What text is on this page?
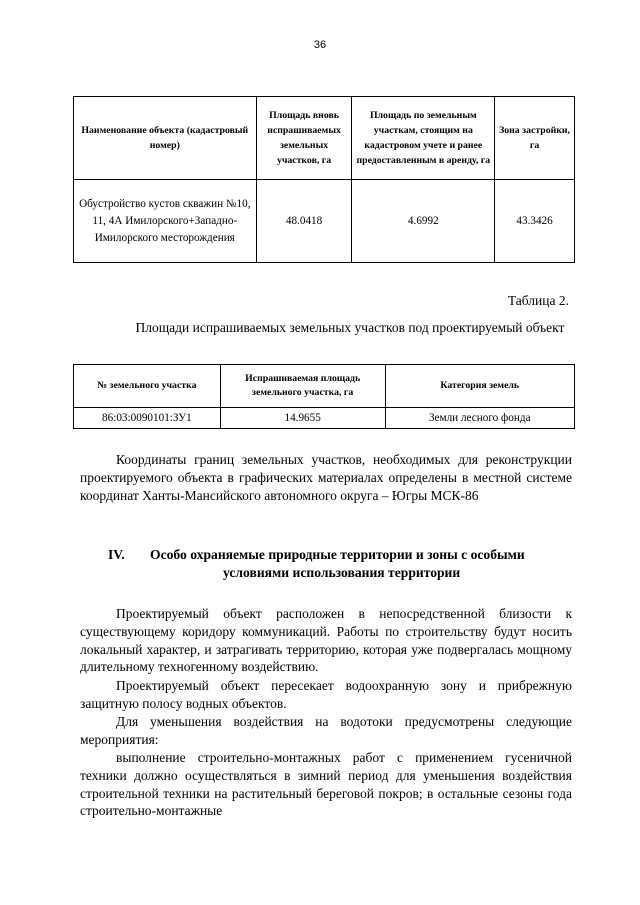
36
Наименование объекта (кадастровый номер)	Площадь вновь испрашиваемых земельных участков, га	Площадь по земельным участкам, стоящим на кадастровом учете и ранее предоставленным в аренду, га	Зона застройки, га
Обустройство кустов скважин №10, 11, 4А Имилорского+Западно-Имилорского месторождения	48.0418	4.6992	43.3426
Таблица 2.
Площади испрашиваемых земельных участков под проектируемый объект
№ земельного участка	Испрашиваемая площадь земельного участка, га	Категория земель
86:03:0090101:ЗУ1	14.9655	Земли лесного фонда
Координаты границ земельных участков, необходимых для реконструкции проектируемого объекта в графических материалах определены в местной системе координат Ханты-Мансийского автономного округа – Югры МСК-86
IV. Особо охраняемые природные территории и зоны с особыми
условиями использования территории
Проектируемый объект расположен в непосредственной близости к существующему коридору коммуникаций. Работы по строительству будут носить локальный характер, и затрагивать территорию, которая уже подвергалась мощному длительному техногенному воздействию.
Проектируемый объект пересекает водоохранную зону и прибрежную защитную полосу водных объектов.
Для уменьшения воздействия на водотоки предусмотрены следующие мероприятия:
выполнение строительно-монтажных работ с применением гусеничной техники должно осуществляться в зимний период для уменьшения воздействия строительной техники на растительный береговой покров; в остальные сезоны года строительно-монтажные
